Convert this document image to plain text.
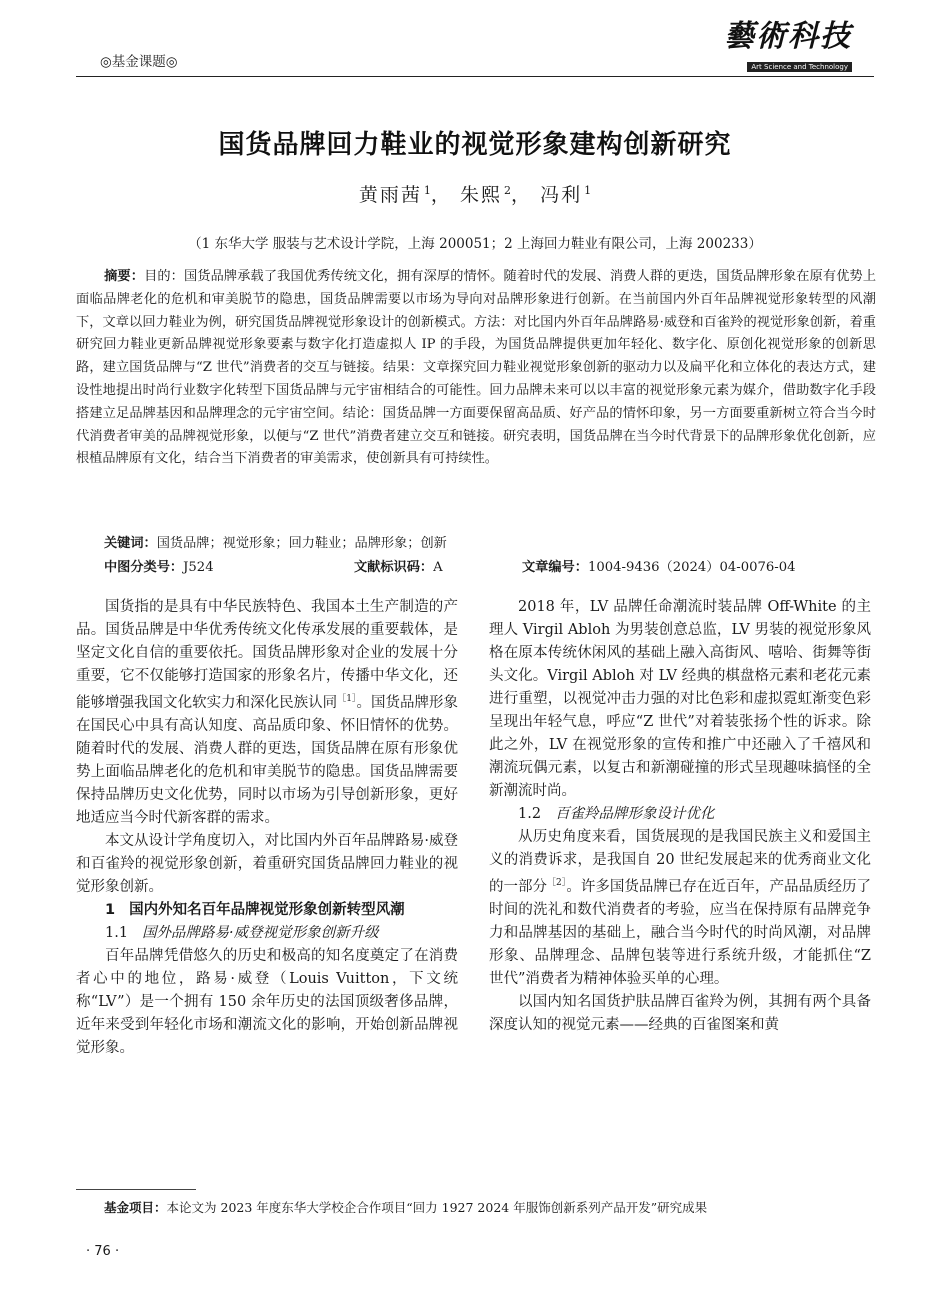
◎基金课题◎
藝術科技
Art Science and Technology
国货品牌回力鞋业的视觉形象建构创新研究
黄雨茜 $^1$， 朱熙 $^2$， 冯利 $^1$
（1 东华大学 服装与艺术设计学院，上海 200051；2 上海回力鞋业有限公司，上海 200233）
摘要：目的：国货品牌承载了我国优秀传统文化，拥有深厚的情怀。随着时代的发展、消费人群的更迭，国货品牌形象在原有优势上面临品牌老化的危机和审美脱节的隐患，国货品牌需要以市场为导向对品牌形象进行创新。在当前国内外百年品牌视觉形象转型的风潮下，文章以回力鞋业为例，研究国货品牌视觉形象设计的创新模式。方法：对比国内外百年品牌路易·威登和百雀羚的视觉形象创新，着重研究回力鞋业更新品牌视觉形象要素与数字化打造虚拟人 IP 的手段，为国货品牌提供更加年轻化、数字化、原创化视觉形象的创新思路，建立国货品牌与“Z 世代”消费者的交互与链接。结果：文章探究回力鞋业视觉形象创新的驱动力以及扁平化和立体化的表达方式，建设性地提出时尚行业数字化转型下国货品牌与元宇宙相结合的可能性。回力品牌未来可以以丰富的视觉形象元素为媒介，借助数字化手段搭建立足品牌基因和品牌理念的元宇宙空间。结论：国货品牌一方面要保留高品质、好产品的情怀印象，另一方面要重新树立符合当今时代消费者审美的品牌视觉形象，以便与“Z 世代”消费者建立交互和链接。研究表明，国货品牌在当今时代背景下的品牌形象优化创新，应根植品牌原有文化，结合当下消费者的审美需求，使创新具有可持续性。
关键词：国货品牌；视觉形象；回力鞋业；品牌形象；创新
中图分类号：J524	文献标识码：A	文章编号：1004-9436（2024）04-0076-04

国货指的是具有中华民族特色、我国本土生产制造的产品。国货品牌是中华优秀传统文化传承发展的重要载体，是坚定文化自信的重要依托。国货品牌形象对企业的发展十分重要，它不仅能够打造国家的形象名片，传播中华文化，还能够增强我国文化软实力和深化民族认同$^{[1]}$。国货品牌形象在国民心中具有高认知度、高品质印象、怀旧情怀的优势。随着时代的发展、消费人群的更迭，国货品牌在原有形象优势上面临品牌老化的危机和审美脱节的隐患。国货品牌需要保持品牌历史文化优势，同时以市场为引导创新形象，更好地适应当今时代新客群的需求。

本文从设计学角度切入，对比国内外百年品牌路易·威登和百雀羚的视觉形象创新，着重研究国货品牌回力鞋业的视觉形象创新。

1 国内外知名百年品牌视觉形象创新转型风潮
1.1 国外品牌路易·威登视觉形象创新升级

百年品牌凭借悠久的历史和极高的知名度奠定了在消费者心中的地位，路易·威登（Louis Vuitton，下文统称“LV”）是一个拥有 150 余年历史的法国顶级奢侈品牌，近年来受到年轻化市场和潮流文化的影响，开始创新品牌视觉形象。

2018 年，LV 品牌任命潮流时装品牌 Off-White 的主理人 Virgil Abloh 为男装创意总监，LV 男装的视觉形象风格在原本传统休闲风的基础上融入高街风、嘻哈、街舞等街头文化。Virgil Abloh 对 LV 经典的棋盘格元素和老花元素进行重塑，以视觉冲击力强的对比色彩和虚拟霓虹渐变色彩呈现出年轻气息，呼应“Z 世代”对着装张扬个性的诉求。除此之外，LV 在视觉形象的宣传和推广中还融入了千禧风和潮流玩偶元素，以复古和新潮碰撞的形式呈现趣味搞怪的全新潮流时尚。

1.2 百雀羚品牌形象设计优化

从历史角度来看，国货展现的是我国民族主义和爱国主义的消费诉求，是我国自 20 世纪发展起来的优秀商业文化的一部分$^{[2]}$。许多国货品牌已存在近百年，产品品质经历了时间的洗礼和数代消费者的考验，应当在保持原有品牌竞争力和品牌基因的基础上，融合当今时代的时尚风潮，对品牌形象、品牌理念、品牌包装等进行系统升级，才能抓住“Z 世代”消费者为精神体验买单的心理。

以国内知名国货护肤品牌百雀羚为例，其拥有两个具备深度认知的视觉元素——经典的百雀图案和黄

基金项目：本论文为 2023 年度东华大学校企合作项目“回力 1927 2024 年服饰创新系列产品开发”研究成果
· 76 ·
